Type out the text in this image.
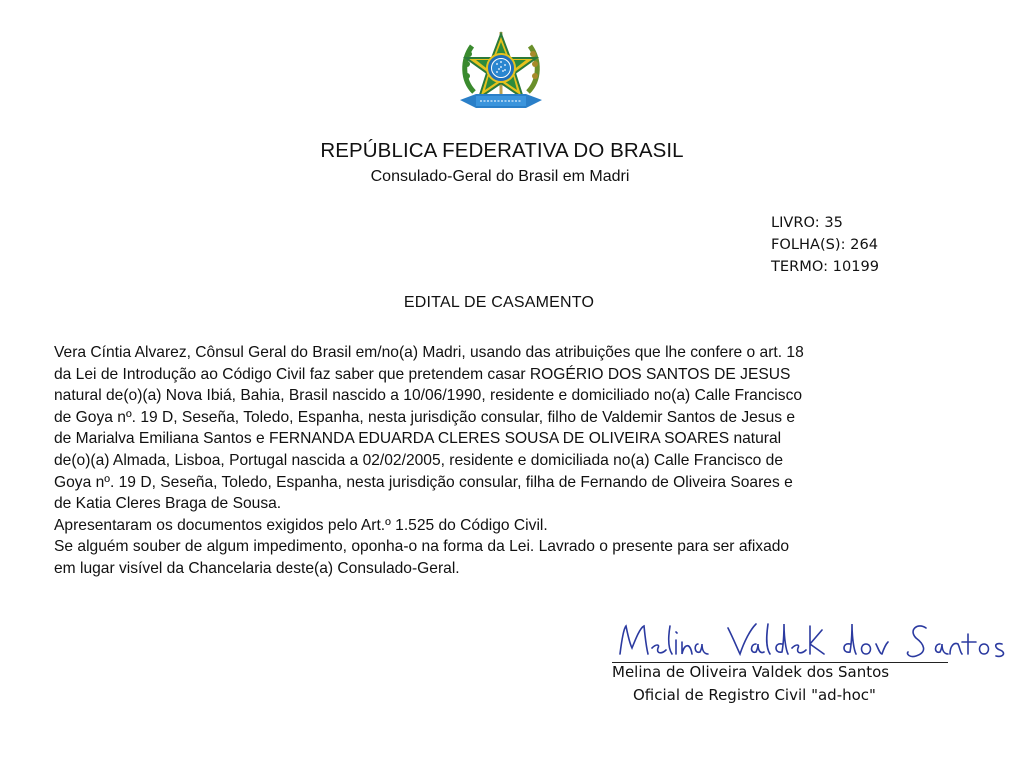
REPÚBLICA FEDERATIVA DO BRASIL
Consulado-Geral do Brasil em Madri
LIVRO: 35
FOLHA(S): 264
TERMO: 10199
EDITAL DE CASAMENTO
Vera Cíntia Alvarez, Cônsul Geral do Brasil em/no(a) Madri, usando das atribuições que lhe confere o art. 18
da Lei de Introdução ao Código Civil faz saber que pretendem casar ROGÉRIO DOS SANTOS DE JESUS
natural de(o)(a) Nova Ibiá, Bahia, Brasil nascido a 10/06/1990, residente e domiciliado no(a) Calle Francisco
de Goya nº. 19 D, Seseña, Toledo, Espanha, nesta jurisdição consular, filho de Valdemir Santos de Jesus e
de Marialva Emiliana Santos e FERNANDA EDUARDA CLERES SOUSA DE OLIVEIRA SOARES natural
de(o)(a) Almada, Lisboa, Portugal nascida a 02/02/2005, residente e domiciliada no(a) Calle Francisco de
Goya nº. 19 D, Seseña, Toledo, Espanha, nesta jurisdição consular, filha de Fernando de Oliveira Soares e
de Katia Cleres Braga de Sousa.
Apresentaram os documentos exigidos pelo Art.º 1.525 do Código Civil.
Se alguém souber de algum impedimento, oponha-o na forma da Lei. Lavrado o presente para ser afixado
em lugar visível da Chancelaria deste(a) Consulado-Geral.
Melina de Oliveira Valdek dos Santos
Oficial de Registro Civil "ad-hoc"
